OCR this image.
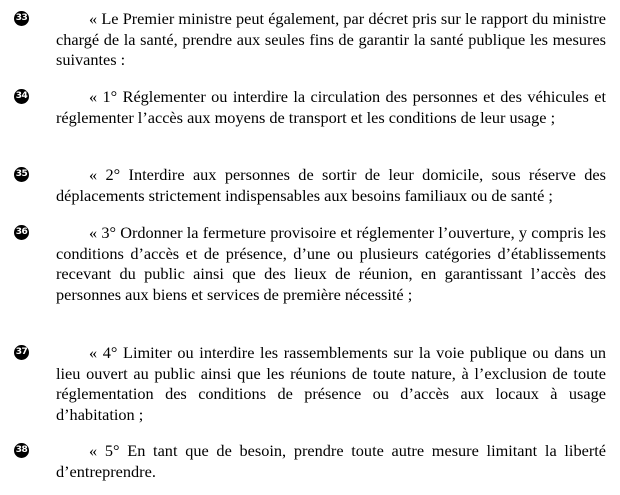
33	« Le Premier ministre peut également, par décret pris sur le rapport du ministre chargé de la santé, prendre aux seules fins de garantir la santé publique les mesures suivantes :

34	« 1° Réglementer ou interdire la circulation des personnes et des véhicules et réglementer l’accès aux moyens de transport et les conditions de leur usage ;

35	« 2° Interdire aux personnes de sortir de leur domicile, sous réserve des déplacements strictement indispensables aux besoins familiaux ou de santé ;

36	« 3° Ordonner la fermeture provisoire et réglementer l’ouverture, y compris les conditions d’accès et de présence, d’une ou plusieurs catégories d’établissements recevant du public ainsi que des lieux de réunion, en garantissant l’accès des personnes aux biens et services de première nécessité ;

37	« 4° Limiter ou interdire les rassemblements sur la voie publique ou dans un lieu ouvert au public ainsi que les réunions de toute nature, à l’exclusion de toute réglementation des conditions de présence ou d’accès aux locaux à usage d’habitation ;

38	« 5° En tant que de besoin, prendre toute autre mesure limitant la liberté d’entreprendre.
